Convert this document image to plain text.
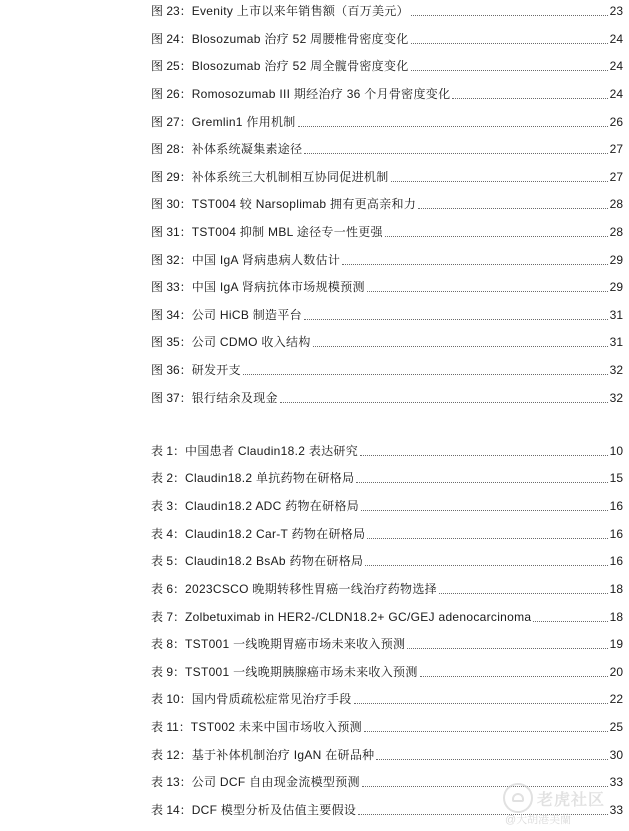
图 23：Evenity 上市以来年销售额（百万美元）	23
图 24：Blosozumab 治疗 52 周腰椎骨密度变化	24
图 25：Blosozumab 治疗 52 周全髋骨密度变化	24
图 26：Romosozumab III 期经治疗 36 个月骨密度变化	24
图 27：Gremlin1 作用机制	26
图 28：补体系统凝集素途径	27
图 29：补体系统三大机制相互协同促进机制	27
图 30：TST004 较 Narsoplimab 拥有更高亲和力	28
图 31：TST004 抑制 MBL 途径专一性更强	28
图 32：中国 IgA 肾病患病人数估计	29
图 33：中国 IgA 肾病抗体市场规模预测	29
图 34：公司 HiCB 制造平台	31
图 35：公司 CDMO 收入结构	31
图 36：研发开支	32
图 37：银行结余及现金	32
表 1：中国患者 Claudin18.2 表达研究	10
表 2：Claudin18.2 单抗药物在研格局	15
表 3：Claudin18.2 ADC 药物在研格局	16
表 4：Claudin18.2 Car-T 药物在研格局	16
表 5：Claudin18.2 BsAb 药物在研格局	16
表 6：2023CSCO 晚期转移性胃癌一线治疗药物选择	18
表 7：Zolbetuximab in HER2-/CLDN18.2+ GC/GEJ adenocarcinoma	18
表 8：TST001 一线晚期胃癌市场未来收入预测	19
表 9：TST001 一线晚期胰腺癌市场未来收入预测	20
表 10：国内骨质疏松症常见治疗手段	22
表 11：TST002 未来中国市场收入预测	25
表 12：基于补体机制治疗 IgAN 在研品种	30
表 13：公司 DCF 自由现金流模型预测	33
表 14：DCF 模型分析及估值主要假设	33
老虎社区
@大胡港美蘭
